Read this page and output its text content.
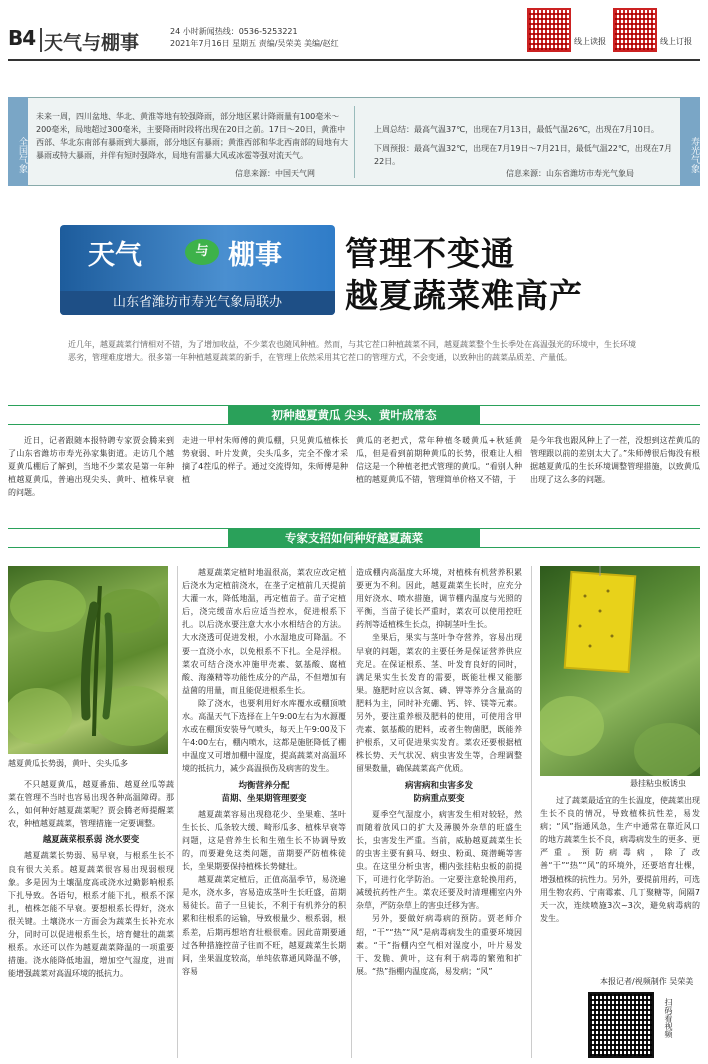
B4 天气与棚事
24 小时新闻热线：0536-5253221
2021年7月16日 星期五 责编/吴荣美 美编/赵红	线上读报	线上订报
全国气象	寿光气象
未来一周，四川盆地、华北、黄淮等地有较强降雨，部分地区累计降雨量有100毫米～200毫米，局地超过300毫米，主要降雨时段将出现在20日之前。17日～20日，黄淮中西部、华北东南部有暴雨到大暴雨，部分地区有暴雨；黄淮西部和华北西南部的局地有大暴雨或特大暴雨，并伴有短时强降水，局地有雷暴大风或冰雹等强对流天气。
信息来源：中国天气网
上周总结：最高气温37℃，出现在7月13日，最低气温26℃，出现在7月10日。
下周预报：最高气温32℃，出现在7月19日～7月21日，最低气温22℃，出现在7月22日。
信息来源：山东省潍坊市寿光气象局
天气	与 棚事
山东省潍坊市寿光气象局联办
管理不变通
越夏蔬菜难高产
近几年，越夏蔬菜行情相对不错，为了增加收益，不少菜农也随风种植。然而，与其它茬口种植蔬菜不同，越夏蔬菜整个生长季处在高温强光的环境中，生长环境恶劣，管理难度增大。很多第一年种植越夏蔬菜的新手，在管理上依然采用其它茬口的管理方式，不会变通，以致种出的蔬菜品质差、产量低。
初种越夏黄瓜 尖头、黄叶成常态

近日，记者跟随本报特聘专家贾会腾来到了山东省潍坊市寿光孙家集街道。走访几个越夏黄瓜棚后了解到，当地不少菜农是第一年种植越夏黄瓜，普遍出现尖头、黄叶、植株早衰的问题。

走进一甲村朱师傅的黄瓜棚，只见黄瓜植株长势衰弱、叶片发黄，尖头瓜多，完全不像才采摘了4茬瓜的样子。通过交流得知，朱师傅是种植

黄瓜的老把式，常年种植冬暖黄瓜+秋延黄瓜，但是看到前期种黄瓜的长势，很难让人相信这是一个种植老把式管理的黄瓜。“看别人种植的越夏黄瓜不错，管理简单价格又不错，于

是今年我也跟风种上了一茬，没想到这茬黄瓜的管理跟以前的差别太大了。”朱师傅很后悔没有根据越夏黄瓜的生长环境调整管理措施，以致黄瓜出现了这么多的问题。

专家支招如何种好越夏蔬菜
越夏黄瓜长势弱，黄叶、尖头瓜多

不只越夏黄瓜，越夏番茄、越夏丝瓜等蔬菜在管理不当时也容易出现各种高温障碍。那么，如何种好越夏蔬菜呢？贾会腾老师提醒菜农，种植越夏蔬菜，管理措施一定要调整。

越夏蔬菜根系弱 浇水要变

越夏蔬菜长势弱、易早衰，与根系生长不良有很大关系。越夏蔬菜很容易出现弱根现象。多是因为土壤温度高或浇水过勤影响根系下扎导致。各语句，根系才能下扎，根系不深扎，植株怎能不早衰。要想根系长得好，浇水很关键。土壤浇水一方面会为蔬菜生长补充水分，同时可以促进根系生长，培育健壮的蔬菜根系。水还可以作为越夏蔬菜降温的一项重要措施。浇水能降低地温，增加空气湿度，进而能增强蔬菜对高温环境的抵抗力。

越夏蔬菜定植时地温很高，菜农应改定植后浇水为定植前浇水，在垄子定植前几天提前大灌一水，降低地温，再定植苗子。苗子定植后，浇完缓苗水后应适当控水，促进根系下扎。以后浇水要注意大水小水相结合的方法。大水浇透可促进发根，小水湿地皮可降温。不要一直浇小水，以免根系不下扎。全是浮根。菜农可结合浇水冲施甲壳素、氨基酸、腐植酸、海藻精等功能性成分的产品，不但增加有益菌的用量，而且能促进根系生长。

除了浇水，也要利用好水库覆水或棚顶喷水。高温天气下选择在上午9:00左右为水源覆水或在棚顶安装导气喷头，每天上午9:00及下午4:00左右，棚内喷水，这都是施胚降低了棚中温度又可增加棚中湿度，提高蔬菜对高温环境的抵抗力，减少高温损伤及病害的发生。

均衡营养分配
苗期、坐果期管理要变

越夏蔬菜容易出现稳花少、坐果难、茎叶生长长、瓜条较大缓、畸形瓜多、植株早衰等问题，这是营养生长和生殖生长不协调导致的，而要避免这类问题，苗期要严防植株徒长，坐果期要保持植株长势健壮。

越夏蔬菜定植后，正值高温季节，易浇遍是水，浇水多，容易造成茎叶生长旺盛，苗期易徒长。苗子一旦徒长，不利于有机养分的积累和往根系的运输，导致根量少、根系弱，根系差，后期再想培育壮根很难。因此苗期要通过各种措施控苗子往而不旺，越夏蔬菜生长期间，坐果温度较高，单纯依靠通风降温不够，容易

造成棚内高温度大环境，对植株有机营养积累要更为不利。因此，越夏蔬菜生长时，应充分用好浇水、喷水措施，调节棚内温度与光照的平衡，当苗子徒长严重时，菜农可以使用控旺药剂等适植株生长点，抑制茎叶生长。

坐果后，果实与茎叶争夺营养，容易出现早衰的问题，菜农的主要任务是保证营养供应充足。在保证根系、茎、叶发育良好的同时，满足果实生长发育的需要，既能壮棵又能膨果。施肥时应以含氮、磷、钾等养分含量高的肥料为主，同时补充硼、钙、锌、镁等元素。另外，要注重养根及肥料的使用，可使用含甲壳素、氨基酸的肥料，或者生物菌肥，既能养护根系，又可促进果实发育。菜农还要根据植株长势、天气状况、病虫害发生等，合理调整留果数量，确保蔬菜高产优质。

病害病和虫害多发
防病重点要变

夏季空气湿度小，病害发生相对较轻，然而随着放风口的扩大及薄膜外杂草的旺盛生长，虫害发生严重。当前，威胁越夏蔬菜生长的虫害主要有蓟马、蚜虫、粉虱、斑潜蝇等害虫。在这里分析虫害，棚内张挂粘虫板的前提下，可进行化学防治。一定要注意轮换用药，减缓抗药性产生。菜农还要及时清理棚室内外杂草，严防杂草上的害虫迁移为害。

另外，要做好病毒病的预防。贾老师介绍，“干”“热”“风”是病毒病发生的重要环境因素。“干”指棚内空气相对湿度小，叶片易发干、发脆、黄叶，这有利于病毒的繁殖和扩展。“热”指棚内温度高，易发病；“风”

悬挂粘虫板诱虫

过了蔬菜最适宜的生长温度，使蔬菜出现生长不良的情况，导致植株抗性差，易发病；“风”指通风急，生产中通常在靠近风口的地方蔬菜生长不良，病毒病发生的更多、更严重。预防病毒病，除了改善“干”“热”“风”的环境外，还要培育壮棵，增强植株的抗性力。另外，要提前用药，可选用生物农药、宁南霉素、几丁聚糖等，间隔7天一次，连续喷施3次~3次，避免病毒病的发生。

本报记者/视频制作 吴荣美
扫码看视频
